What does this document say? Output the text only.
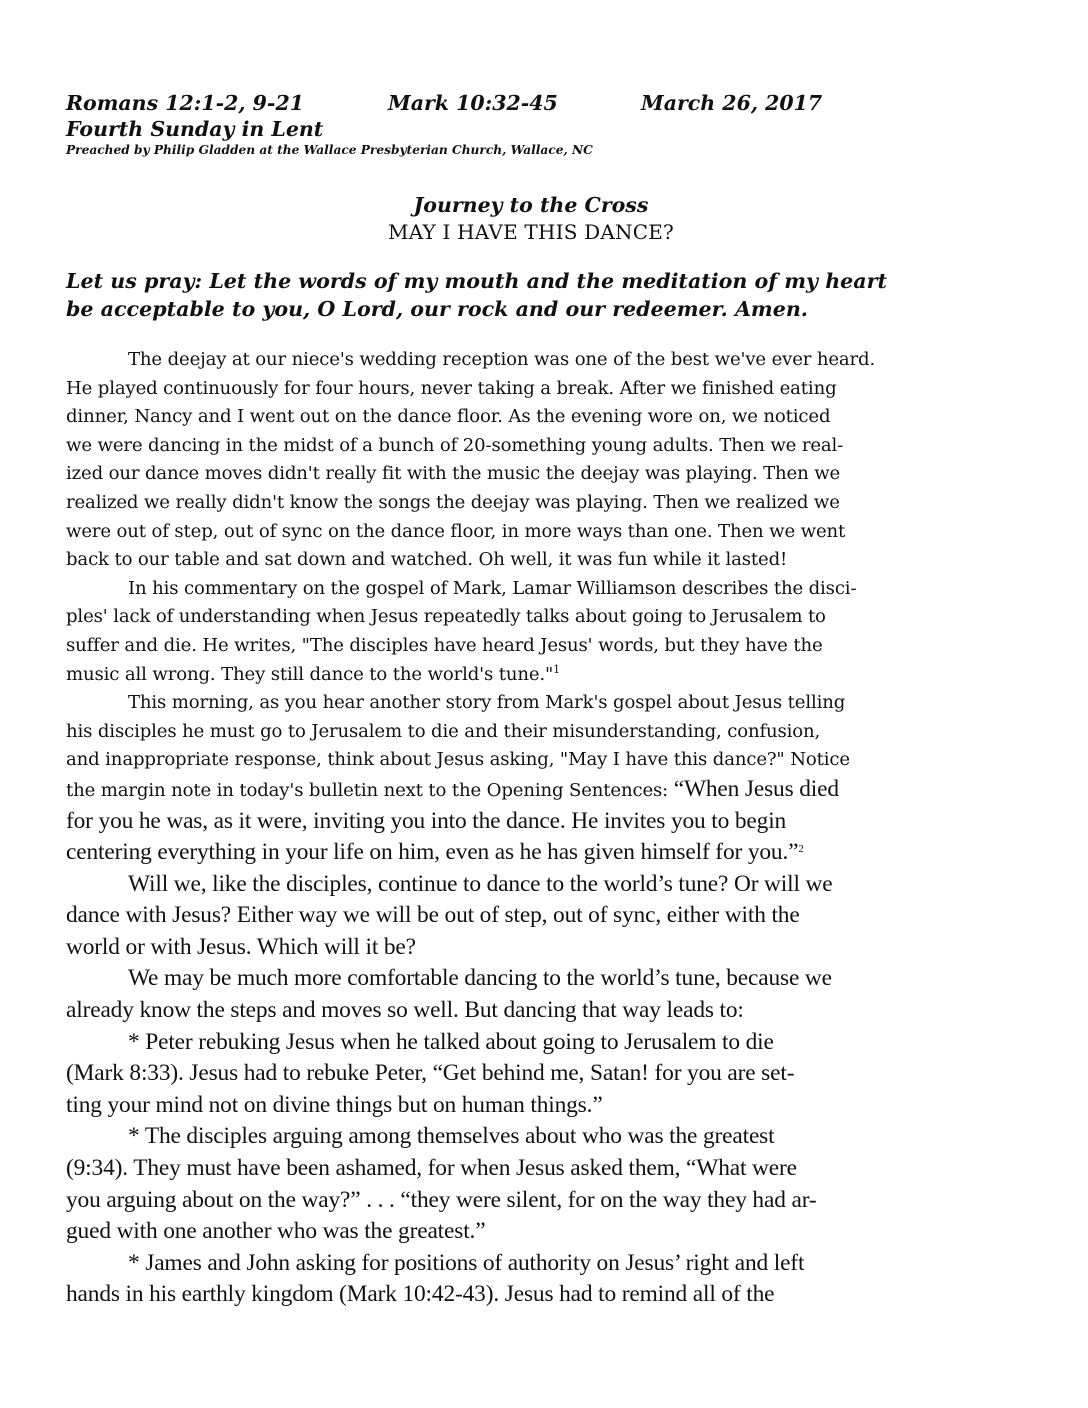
Romans 12:1-2, 9-21	Mark 10:32-45	March 26, 2017
Fourth Sunday in Lent
Preached by Philip Gladden at the Wallace Presbyterian Church, Wallace, NC
Journey to the Cross
MAY I HAVE THIS DANCE?
Let us pray: Let the words of my mouth and the meditation of my heart
be acceptable to you, O Lord, our rock and our redeemer. Amen.
The deejay at our niece's wedding reception was one of the best we've ever heard.
He played continuously for four hours, never taking a break. After we finished eating
dinner, Nancy and I went out on the dance floor. As the evening wore on, we noticed
we were dancing in the midst of a bunch of 20-something young adults. Then we real-
ized our dance moves didn't really fit with the music the deejay was playing. Then we
realized we really didn't know the songs the deejay was playing. Then we realized we
were out of step, out of sync on the dance floor, in more ways than one. Then we went
back to our table and sat down and watched. Oh well, it was fun while it lasted!
In his commentary on the gospel of Mark, Lamar Williamson describes the disci-
ples' lack of understanding when Jesus repeatedly talks about going to Jerusalem to
suffer and die. He writes, "The disciples have heard Jesus' words, but they have the
music all wrong. They still dance to the world's tune."$^1$
This morning, as you hear another story from Mark's gospel about Jesus telling
his disciples he must go to Jerusalem to die and their misunderstanding, confusion,
and inappropriate response, think about Jesus asking, "May I have this dance?" Notice
the margin note in today's bulletin next to the Opening Sentences: “When Jesus died
for you he was, as it were, inviting you into the dance. He invites you to begin
centering everything in your life on him, even as he has given himself for you.”$^2$
Will we, like the disciples, continue to dance to the world’s tune? Or will we
dance with Jesus? Either way we will be out of step, out of sync, either with the
world or with Jesus. Which will it be?
We may be much more comfortable dancing to the world’s tune, because we
already know the steps and moves so well. But dancing that way leads to:
* Peter rebuking Jesus when he talked about going to Jerusalem to die
(Mark 8:33). Jesus had to rebuke Peter, “Get behind me, Satan! for you are set-
ting your mind not on divine things but on human things.”
* The disciples arguing among themselves about who was the greatest
(9:34). They must have been ashamed, for when Jesus asked them, “What were
you arguing about on the way?” . . . “they were silent, for on the way they had ar-
gued with one another who was the greatest.”
* James and John asking for positions of authority on Jesus’ right and left
hands in his earthly kingdom (Mark 10:42-43). Jesus had to remind all of the
